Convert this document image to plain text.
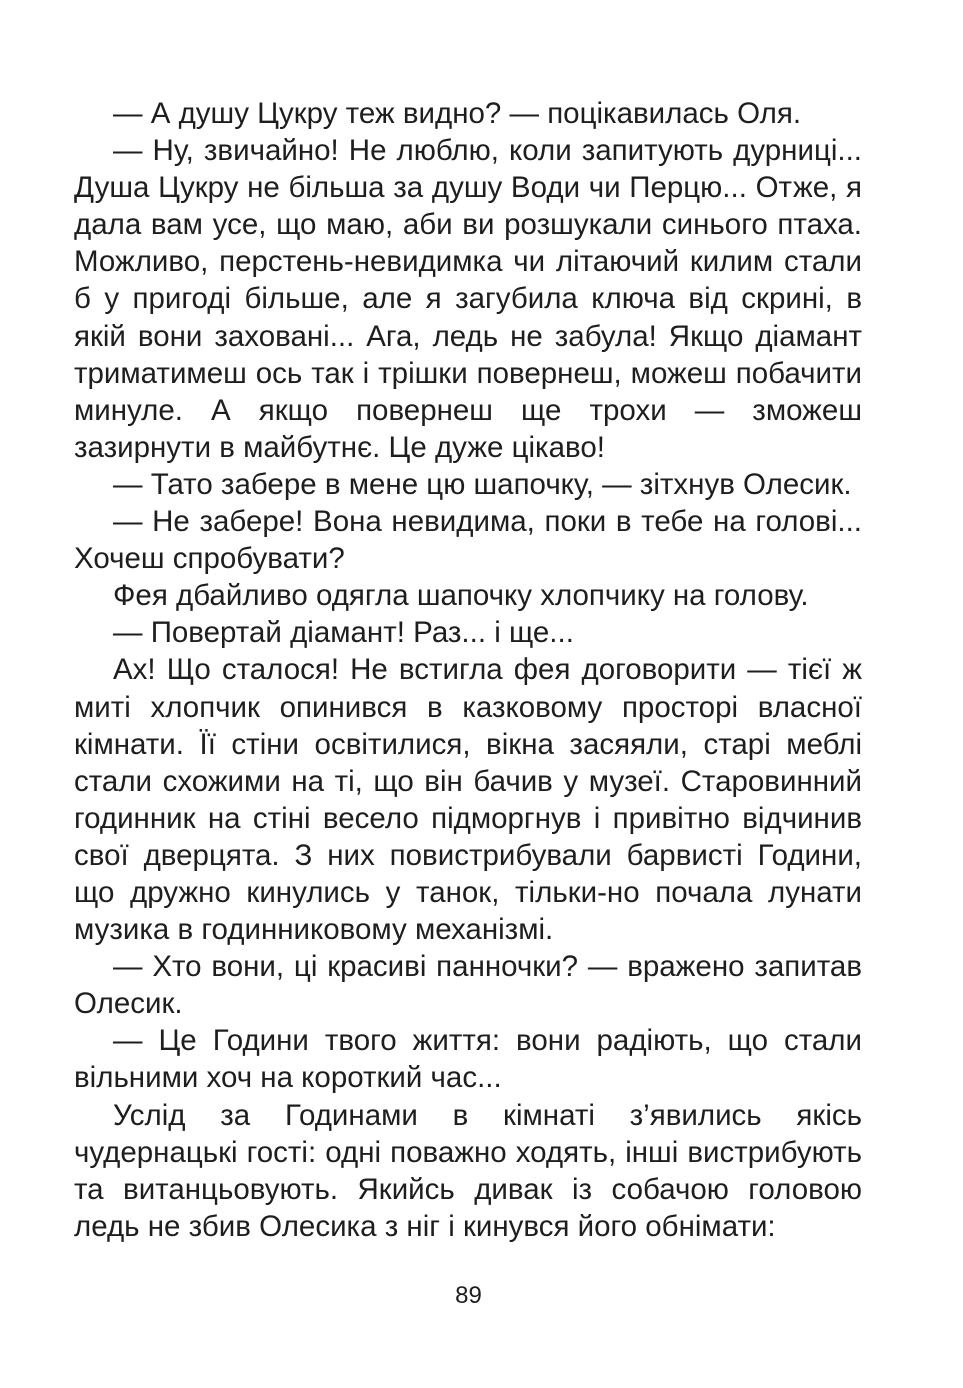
— А душу Цукру теж видно? — поцікавилась Оля.

— Ну, звичайно! Не люблю, коли запитують дурниці... Душа Цукру не більша за душу Води чи Перцю... Отже, я дала вам усе, що маю, аби ви розшукали синього птаха. Можливо, перстень-невидимка чи літаючий килим стали б у пригоді більше, але я загубила ключа від скрині, в якій вони заховані... Ага, ледь не забула! Якщо діамант триматимеш ось так і трішки повернеш, можеш побачити минуле. А якщо повернеш ще трохи — зможеш зазирнути в майбутнє. Це дуже цікаво!

— Тато забере в мене цю шапочку, — зітхнув Олесик.

— Не забере! Вона невидима, поки в тебе на голові... Хочеш спробувати?

Фея дбайливо одягла шапочку хлопчику на голову.

— Повертай діамант! Раз... і ще...

Ах! Що сталося! Не встигла фея договорити — тієї ж миті хлопчик опинився в казковому просторі власної кімнати. Її стіни освітилися, вікна засяяли, старі меблі стали схожими на ті, що він бачив у музеї. Старовинний годинник на стіні весело підморгнув і привітно відчинив свої дверцята. З них повистрибували барвисті Години, що дружно кинулись у танок, тільки-но почала лунати музика в годинниковому механізмі.

— Хто вони, ці красиві панночки? — вражено запитав Олесик.

— Це Години твого життя: вони радіють, що стали вільними хоч на короткий час...

Услід за Годинами в кімнаті з’явились якісь чудернацькі гості: одні поважно ходять, інші вистрибують та витанцьовують. Якийсь дивак із собачою головою ледь не збив Олесика з ніг і кинувся його обнімати:

89
